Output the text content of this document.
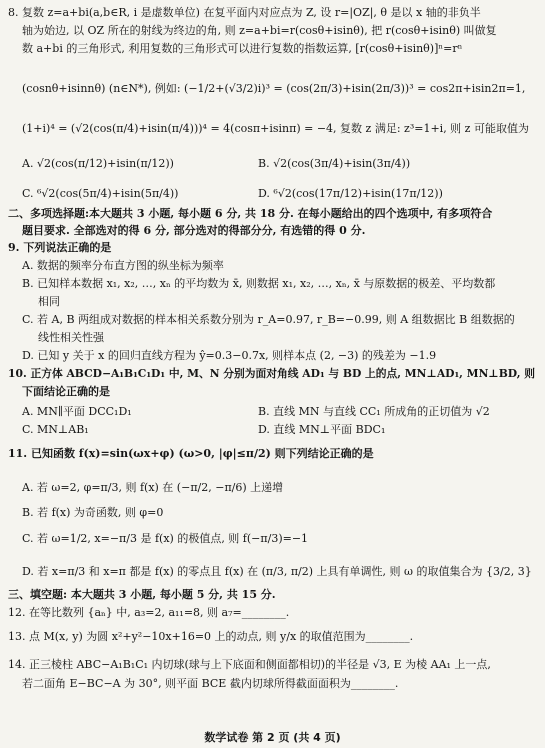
8. 复数 z=a+bi(a,b∈R, i 是虚数单位) 在复平面内对应点为 Z, 设 r=|OZ|, θ 是以 x 轴的非负半
轴为始边, 以 OZ 所在的射线为终边的角, 则 z=a+bi=r(cosθ+isinθ), 把 r(cosθ+isinθ) 叫做复
数 a+bi 的三角形式, 利用复数的三角形式可以进行复数的指数运算, [r(cosθ+isinθ)]ⁿ=rⁿ
(cosnθ+isinnθ) (n∈N*), 例如: (−1/2+(√3/2)i)³ = (cos(2π/3)+isin(2π/3))³ = cos2π+isin2π=1,
(1+i)⁴ = (√2(cos(π/4)+isin(π/4)))⁴ = 4(cosπ+isinπ) = −4, 复数 z 满足: z³=1+i, 则 z 可能取值为
A. √2(cos(π/12)+isin(π/12))	B. √2(cos(3π/4)+isin(3π/4))
C. ⁶√2(cos(5π/4)+isin(5π/4))	D. ⁶√2(cos(17π/12)+isin(17π/12))
二、多项选择题:本大题共 3 小题, 每小题 6 分, 共 18 分. 在每小题给出的四个选项中, 有多项符合
题目要求. 全部选对的得 6 分, 部分选对的得部分分, 有选错的得 0 分.
9. 下列说法正确的是
A. 数据的频率分布直方图的纵坐标为频率
B. 已知样本数据 x₁, x₂, …, xₙ 的平均数为 x̄, 则数据 x₁, x₂, …, xₙ, x̄ 与原数据的极差、平均数都
相同
C. 若 A, B 两组成对数据的样本相关系数分别为 r_A=0.97, r_B=−0.99, 则 A 组数据比 B 组数据的
线性相关性强
D. 已知 y 关于 x 的回归直线方程为 ŷ=0.3−0.7x, 则样本点 (2, −3) 的残差为 −1.9
10. 正方体 ABCD−A₁B₁C₁D₁ 中, M、N 分别为面对角线 AD₁ 与 BD 上的点, MN⊥AD₁, MN⊥BD, 则
下面结论正确的是
A. MN∥平面 DCC₁D₁	B. 直线 MN 与直线 CC₁ 所成角的正切值为 √2
C. MN⊥AB₁	D. 直线 MN⊥平面 BDC₁
11. 已知函数 f(x)=sin(ωx+φ) (ω>0, |φ|≤π/2) 则下列结论正确的是
A. 若 ω=2, φ=π/3, 则 f(x) 在 (−π/2, −π/6) 上递增
B. 若 f(x) 为奇函数, 则 φ=0
C. 若 ω=1/2, x=−π/3 是 f(x) 的极值点, 则 f(−π/3)=−1
D. 若 x=π/3 和 x=π 都是 f(x) 的零点且 f(x) 在 (π/3, π/2) 上具有单调性, 则 ω 的取值集合为 {3/2, 3}
三、填空题: 本大题共 3 小题, 每小题 5 分, 共 15 分.
12. 在等比数列 {aₙ} 中, a₃=2, a₁₁=8, 则 a₇=________.
13. 点 M(x, y) 为圆 x²+y²−10x+16=0 上的动点, 则 y/x 的取值范围为________.
14. 正三棱柱 ABC−A₁B₁C₁ 内切球(球与上下底面和侧面都相切)的半径是 √3, E 为棱 AA₁ 上一点,
若二面角 E−BC−A 为 30°, 则平面 BCE 截内切球所得截面面积为________.
数学试卷 第 2 页 (共 4 页)
